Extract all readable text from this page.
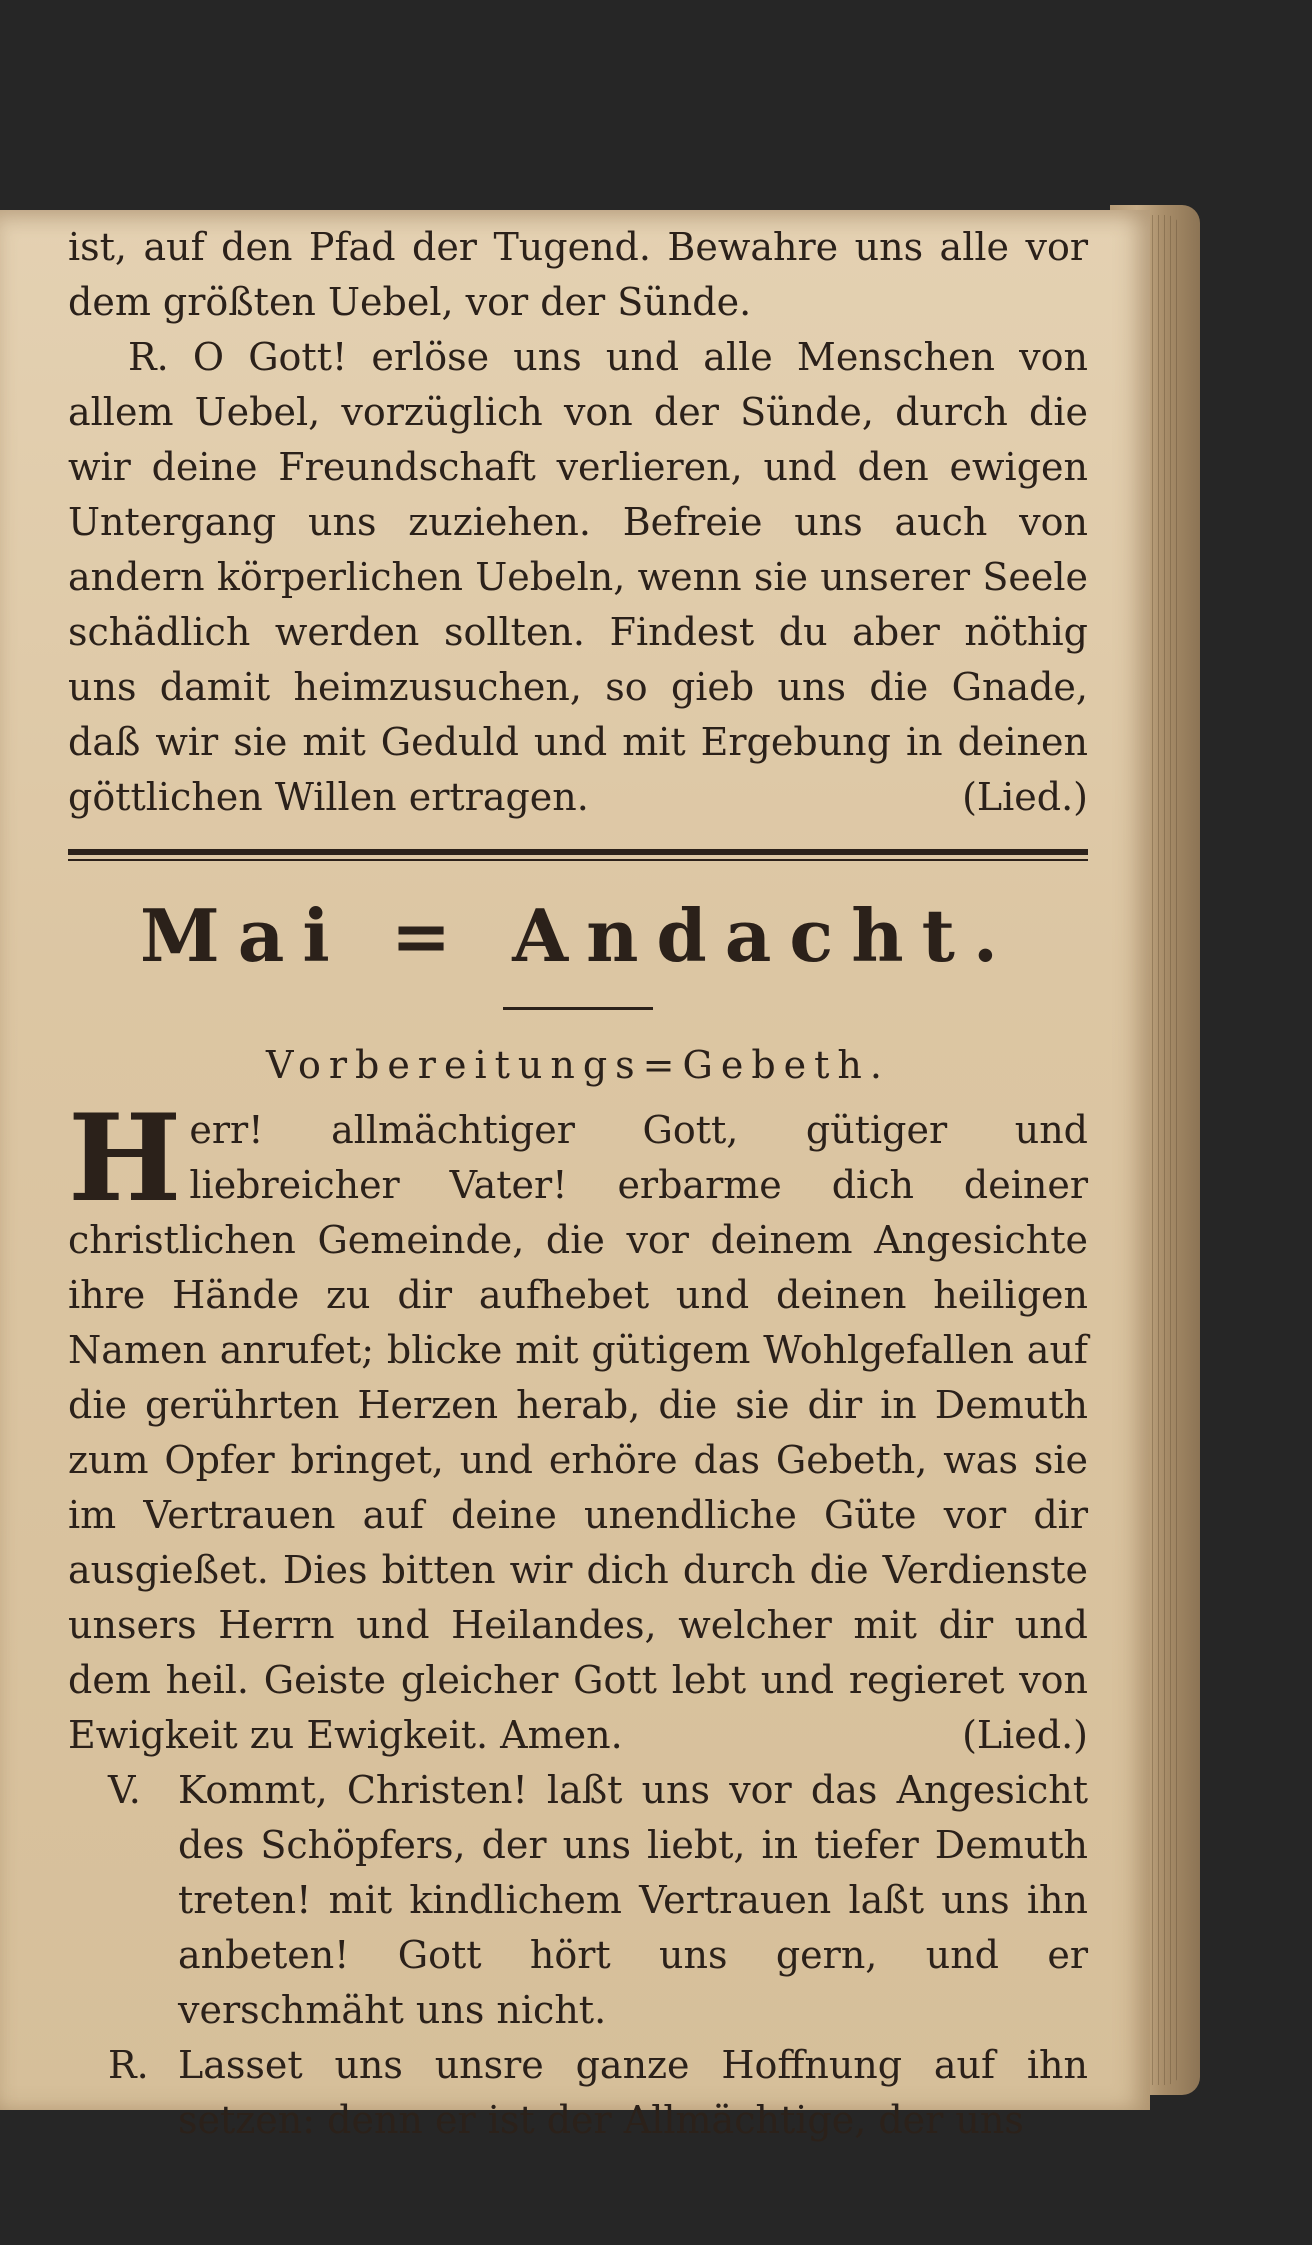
ist, auf den Pfad der Tugend. Bewahre uns alle vor dem größten Uebel, vor der Sünde.

R. O Gott! erlöse uns und alle Menschen von allem Uebel, vorzüglich von der Sünde, durch die wir deine Freundschaft verlieren, und den ewigen Untergang uns zuziehen. Befreie uns auch von andern körperlichen Uebeln, wenn sie unserer Seele schädlich werden sollten. Findest du aber nöthig uns damit heimzusuchen, so gieb uns die Gnade, daß wir sie mit Geduld und mit Ergebung in deinen göttlichen Willen ertragen.	(Lied.)

Mai = Andacht.
Vorbereitungs=Gebeth.

H err! allmächtiger Gott, gütiger und liebreicher Vater! erbarme dich deiner christlichen Gemeinde, die vor deinem Angesichte ihre Hände zu dir aufhebet und deinen heiligen Namen anrufet; blicke mit gütigem Wohlgefallen auf die gerührten Herzen herab, die sie dir in Demuth zum Opfer bringet, und erhöre das Gebeth, was sie im Vertrauen auf deine unendliche Güte vor dir ausgießet. Dies bitten wir dich durch die Verdienste unsers Herrn und Heilandes, welcher mit dir und dem heil. Geiste gleicher Gott lebt und regieret von Ewigkeit zu Ewigkeit. Amen.	(Lied.)

V. Kommt, Christen! laßt uns vor das Angesicht des Schöpfers, der uns liebt, in tiefer Demuth treten! mit kindlichem Vertrauen laßt uns ihn anbeten! Gott hört uns gern, und er verschmäht uns nicht.
R. Lasset uns unsre ganze Hoffnung auf ihn setzen: denn er ist der Allmächtige, der uns
